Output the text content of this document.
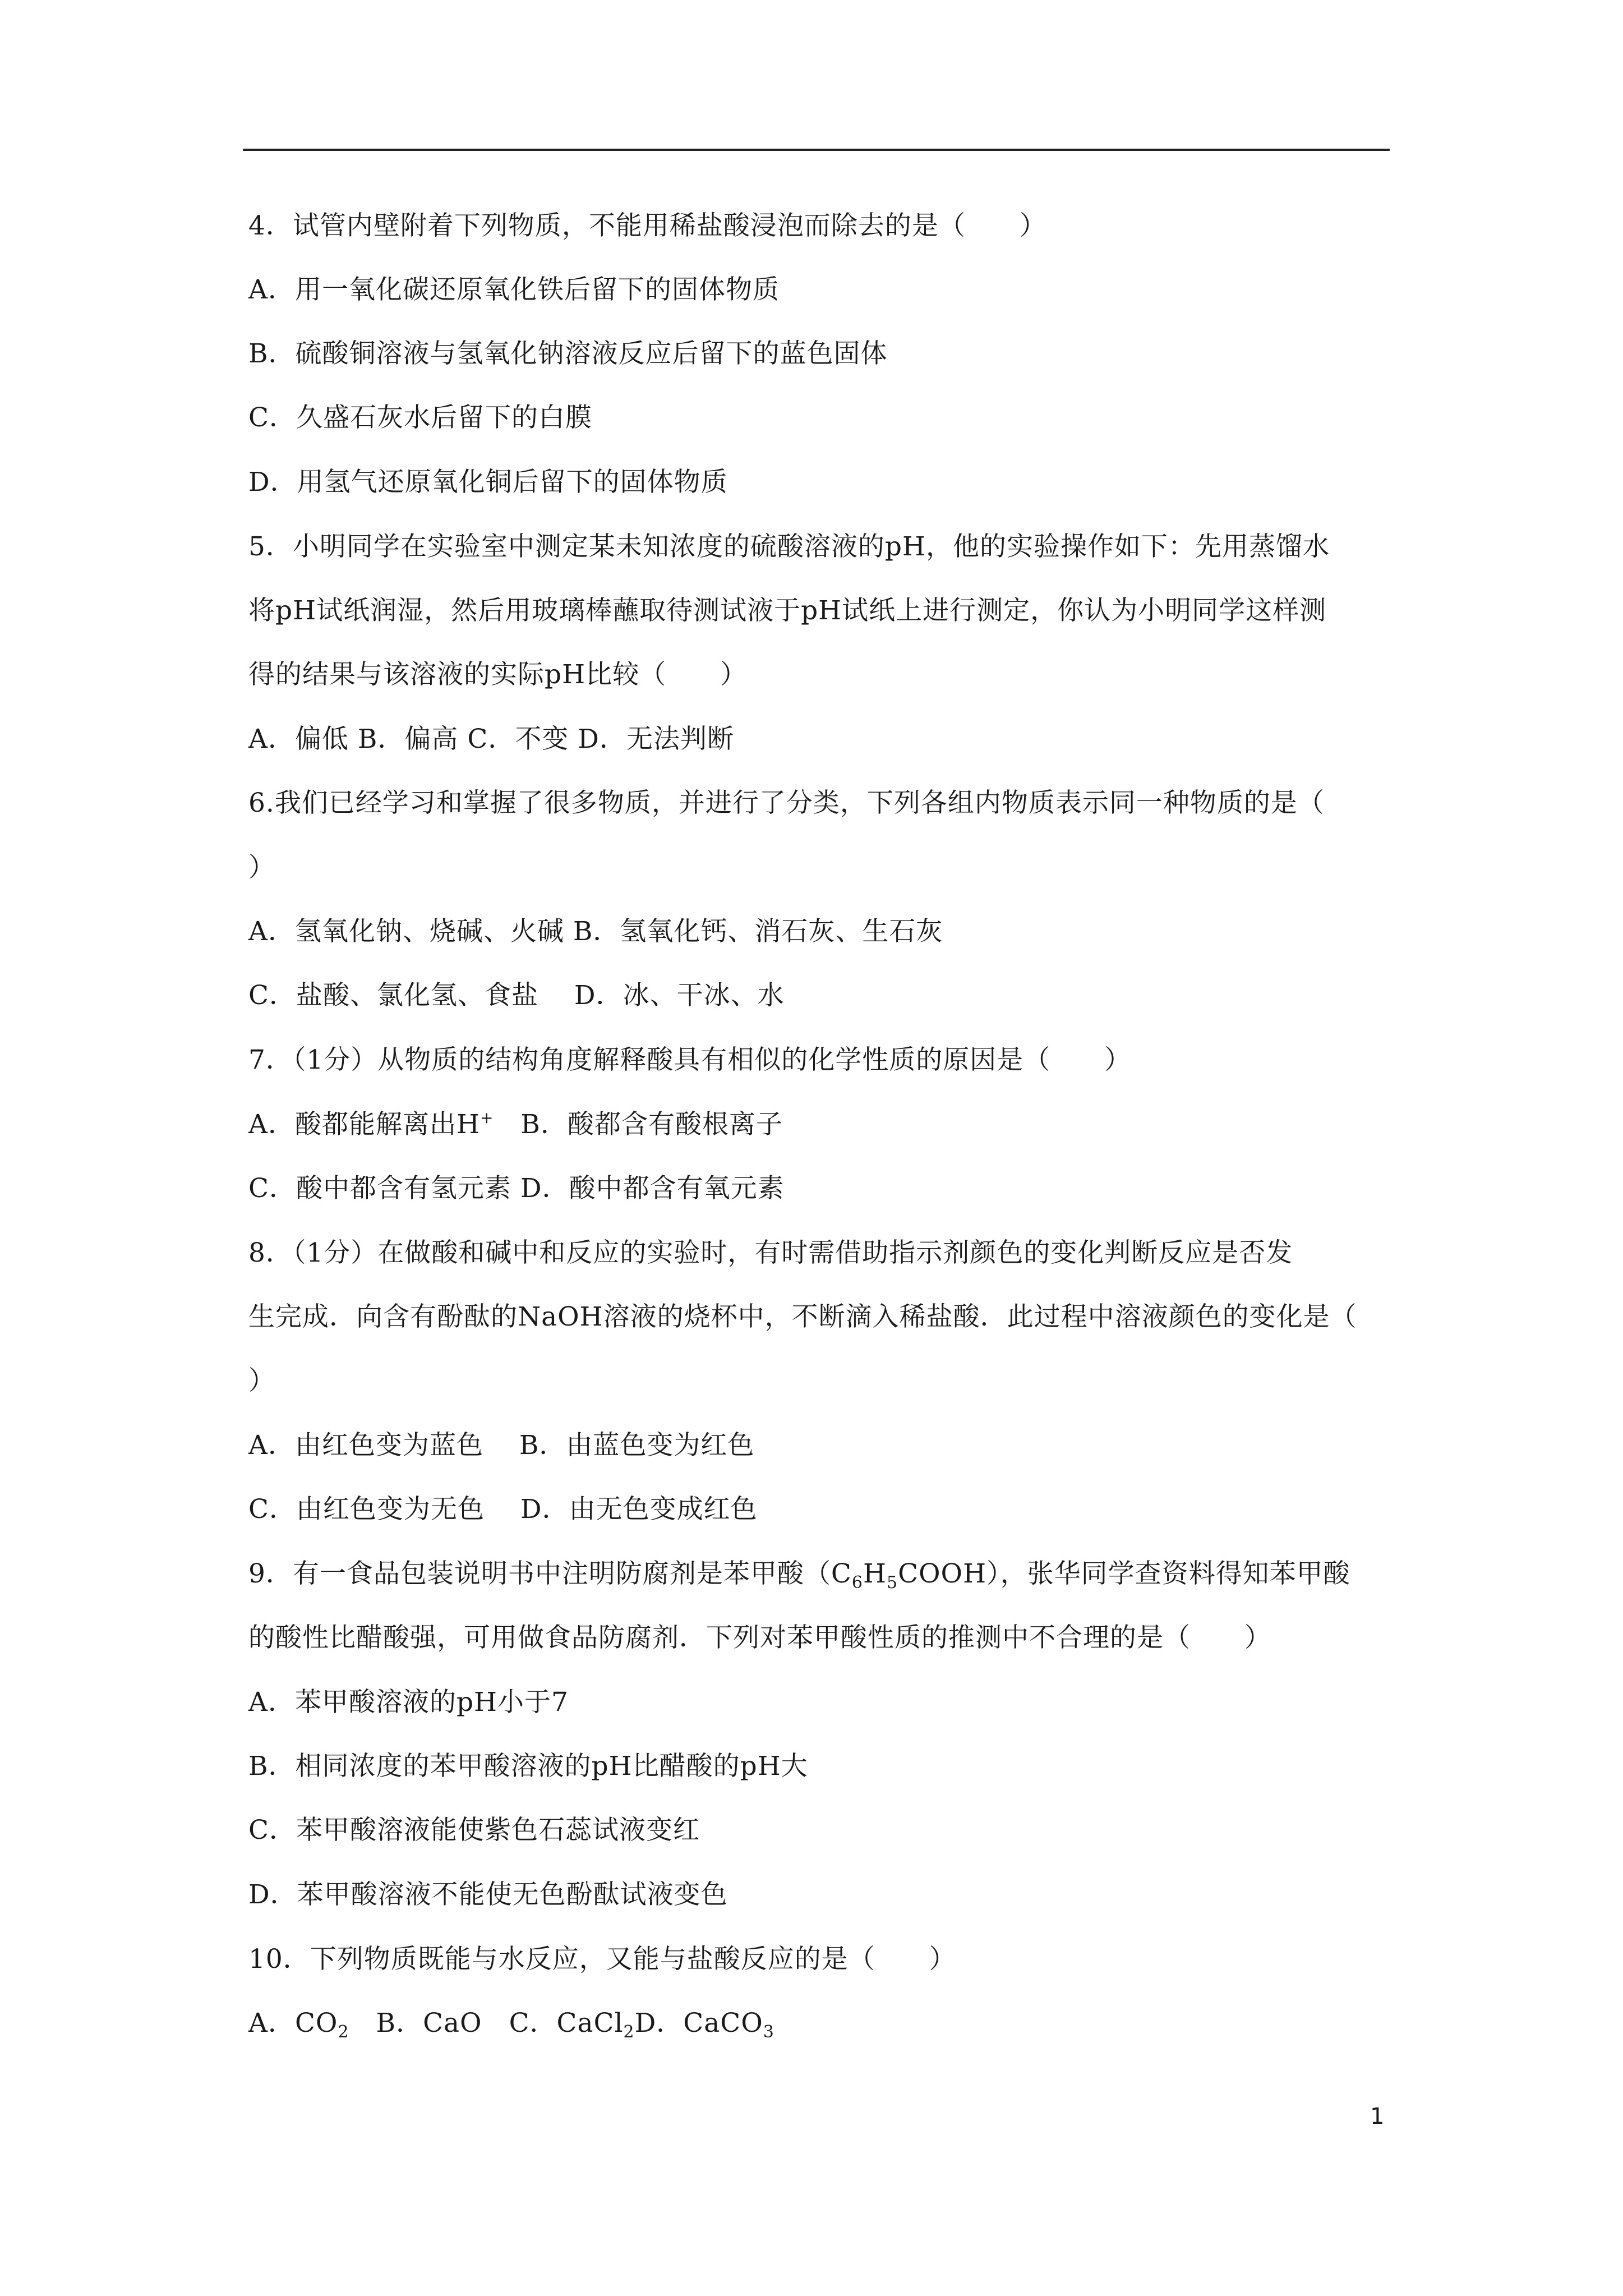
4．试管内壁附着下列物质，不能用稀盐酸浸泡而除去的是（　　）
A．用一氧化碳还原氧化铁后留下的固体物质
B．硫酸铜溶液与氢氧化钠溶液反应后留下的蓝色固体
C．久盛石灰水后留下的白膜
D．用氢气还原氧化铜后留下的固体物质
5．小明同学在实验室中测定某未知浓度的硫酸溶液的pH，他的实验操作如下：先用蒸馏水
将pH试纸润湿，然后用玻璃棒蘸取待测试液于pH试纸上进行测定，你认为小明同学这样测
得的结果与该溶液的实际pH比较（　　）
A．偏低 B．偏高 C．不变 D．无法判断
6.我们已经学习和掌握了很多物质，并进行了分类，下列各组内物质表示同一种物质的是（
）
A．氢氧化钠、烧碱、火碱 B．氢氧化钙、消石灰、生石灰
C．盐酸、氯化氢、食盐　 D．冰、干冰、水
7．（1分）从物质的结构角度解释酸具有相似的化学性质的原因是（　　）
A．酸都能解离出H+　B．酸都含有酸根离子
C．酸中都含有氢元素 D．酸中都含有氧元素
8．（1分）在做酸和碱中和反应的实验时，有时需借助指示剂颜色的变化判断反应是否发
生完成．向含有酚酞的NaOH溶液的烧杯中，不断滴入稀盐酸．此过程中溶液颜色的变化是（
）
A．由红色变为蓝色　 B．由蓝色变为红色
C．由红色变为无色　 D．由无色变成红色
9．有一食品包装说明书中注明防腐剂是苯甲酸$(C_6H_5COOH)$，张华同学查资料得知苯甲酸
的酸性比醋酸强，可用做食品防腐剂．下列对苯甲酸性质的推测中不合理的是（　　）
A．苯甲酸溶液的pH小于7
B．相同浓度的苯甲酸溶液的pH比醋酸的pH大
C．苯甲酸溶液能使紫色石蕊试液变红
D．苯甲酸溶液不能使无色酚酞试液变色
10．下列物质既能与水反应，又能与盐酸反应的是（　　）
A．$CO_2$　B．CaO　C．CaCl$_2$D．CaCO$_3$
1
